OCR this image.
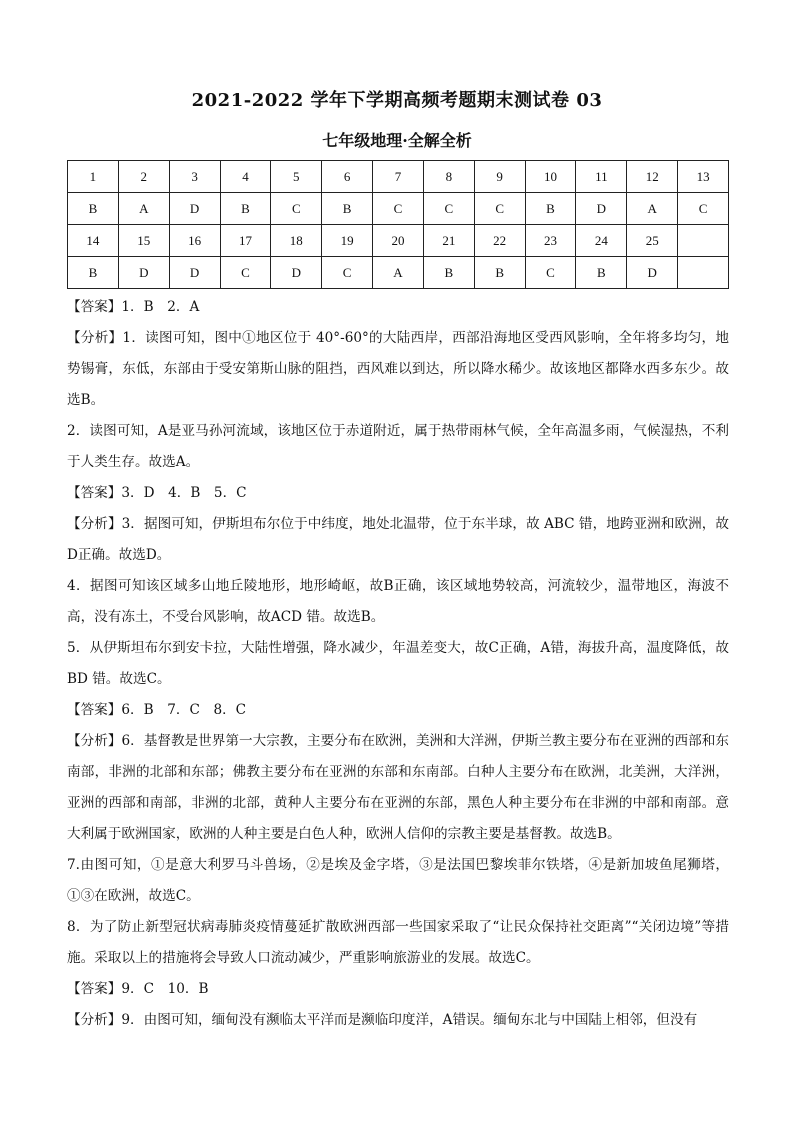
2021-2022 学年下学期高频考题期末测试卷 03
七年级地理·全解全析
1	2	3	4	5	6	7	8	9	10	11	12	13
B	A	D	B	C	B	C	C	C	B	D	A	C
14	15	16	17	18	19	20	21	22	23	24	25	
B	D	D	C	D	C	A	B	B	C	B	D	

【答案】1．B　2．A

【分析】1．读图可知，图中①地区位于 40°-60°的大陆西岸，西部沿海地区受西风影响，全年将多均匀，地势锡膏，东低，东部由于受安第斯山脉的阻挡，西风难以到达，所以降水稀少。故该地区都降水西多东少。故选B。

2．读图可知，A是亚马孙河流域，该地区位于赤道附近，属于热带雨林气候，全年高温多雨，气候湿热，不利于人类生存。故选A。

【答案】3．D　4．B　5．C

【分析】3．据图可知，伊斯坦布尔位于中纬度，地处北温带，位于东半球，故 ABC 错，地跨亚洲和欧洲，故D正确。故选D。

4．据图可知该区域多山地丘陵地形，地形崎岖，故B正确，该区域地势较高，河流较少，温带地区，海波不高，没有冻土，不受台风影响，故ACD 错。故选B。

5．从伊斯坦布尔到安卡拉，大陆性增强，降水减少，年温差变大，故C正确，A错，海拔升高，温度降低，故BD 错。故选C。

【答案】6．B　7．C　8．C

【分析】6．基督教是世界第一大宗教，主要分布在欧洲，美洲和大洋洲，伊斯兰教主要分布在亚洲的西部和东南部，非洲的北部和东部；佛教主要分布在亚洲的东部和东南部。白种人主要分布在欧洲，北美洲，大洋洲，亚洲的西部和南部，非洲的北部，黄种人主要分布在亚洲的东部，黑色人种主要分布在非洲的中部和南部。意大利属于欧洲国家，欧洲的人种主要是白色人种，欧洲人信仰的宗教主要是基督教。故选B。

7.由图可知，①是意大利罗马斗兽场，②是埃及金字塔，③是法国巴黎埃菲尔铁塔，④是新加坡鱼尾狮塔，①③在欧洲，故选C。

8．为了防止新型冠状病毒肺炎疫情蔓延扩散欧洲西部一些国家采取了“让民众保持社交距离”“关闭边境”等措施。采取以上的措施将会导致人口流动减少，严重影响旅游业的发展。故选C。

【答案】9．C　10．B

【分析】9．由图可知，缅甸没有濒临太平洋而是濒临印度洋，A错误。缅甸东北与中国陆上相邻，但没有
